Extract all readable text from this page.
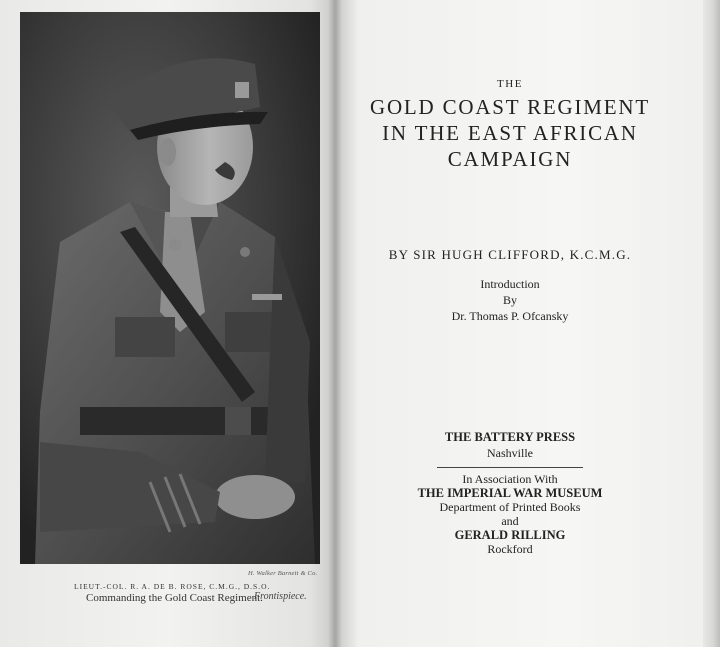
H. Walker Barnett & Co.
LIEUT.-COL. R. A. DE B. ROSE, C.M.G., D.S.O.
Commanding the Gold Coast Regiment.
Frontispiece.
THE
GOLD COAST REGIMENT
IN THE EAST AFRICAN
CAMPAIGN
BY SIR HUGH CLIFFORD, K.C.M.G.
Introduction
By
Dr. Thomas P. Ofcansky
THE BATTERY PRESS
Nashville
In Association With
THE IMPERIAL WAR MUSEUM
Department of Printed Books
and
GERALD RILLING
Rockford
